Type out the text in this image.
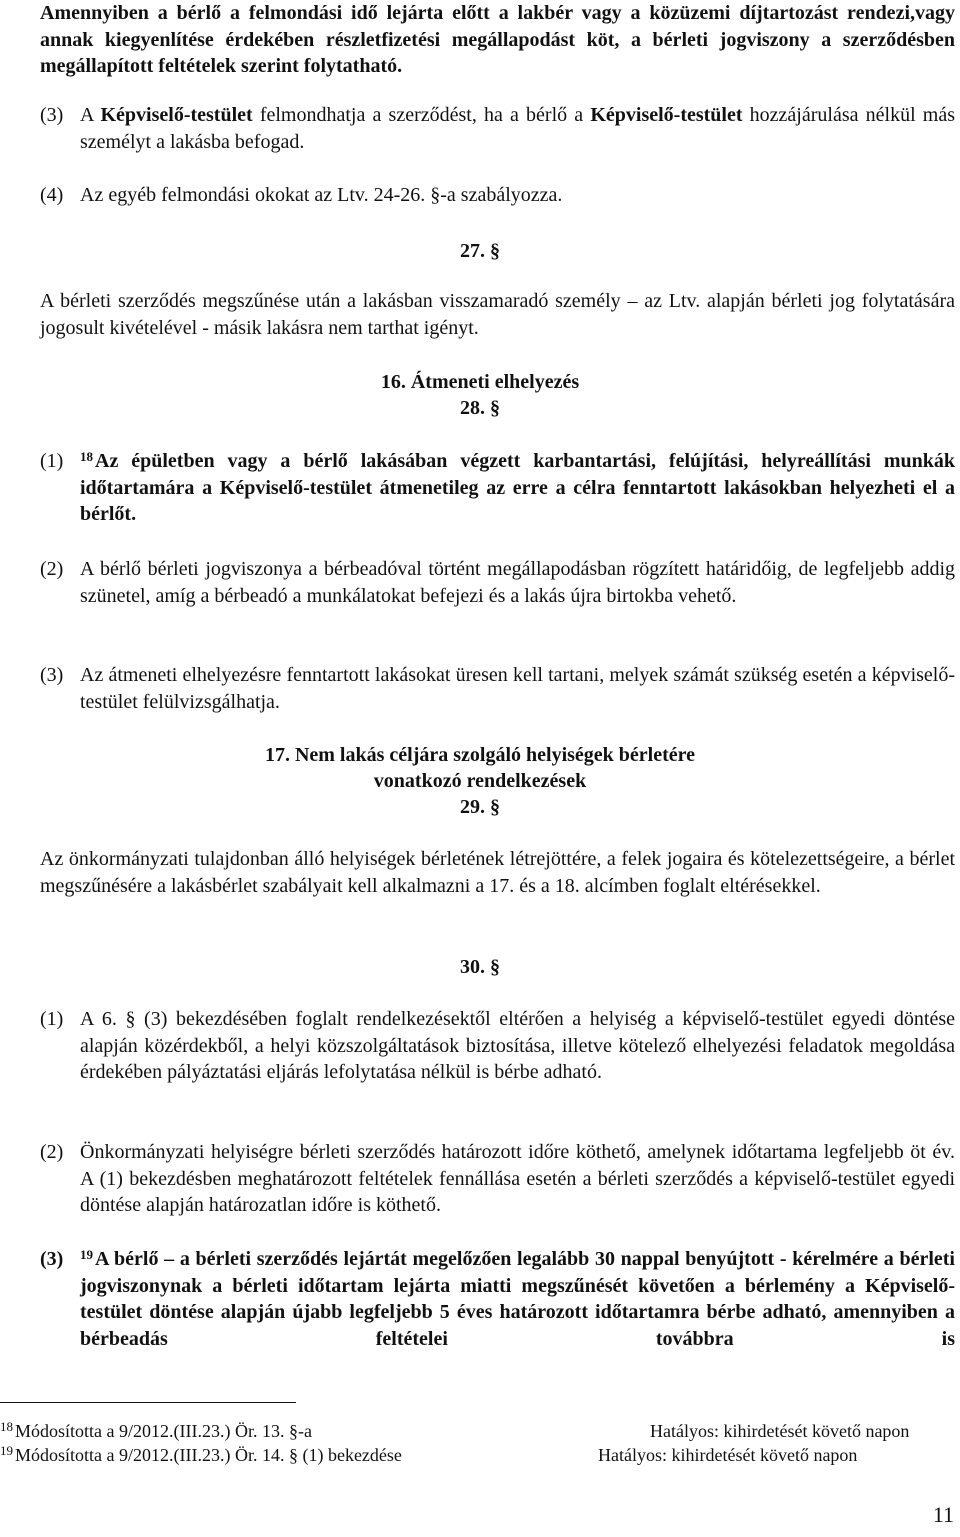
Amennyiben a bérlő a felmondási idő lejárta előtt a lakbér vagy a közüzemi díjtartozást rendezi,vagy annak kiegyenlítése érdekében részletfizetési megállapodást köt, a bérleti jogviszony a szerződésben megállapított feltételek szerint folytatható.
(3) A Képviselő-testület felmondhatja a szerződést, ha a bérlő a Képviselő-testület hozzájárulása nélkül más személyt a lakásba befogad.
(4) Az egyéb felmondási okokat az Ltv. 24-26. §-a szabályozza.
27. §
A bérleti szerződés megszűnése után a lakásban visszamaradó személy – az Ltv. alapján bérleti jog folytatására jogosult kivételével - másik lakásra nem tarthat igényt.
16. Átmeneti elhelyezés
28. §
(1) $^{18}$ Az épületben vagy a bérlő lakásában végzett karbantartási, felújítási, helyreállítási munkák időtartamára a Képviselő-testület átmenetileg az erre a célra fenntartott lakásokban helyezheti el a bérlőt.
(2) A bérlő bérleti jogviszonya a bérbeadóval történt megállapodásban rögzített határidőig, de legfeljebb addig szünetel, amíg a bérbeadó a munkálatokat befejezi és a lakás újra birtokba vehető.
(3) Az átmeneti elhelyezésre fenntartott lakásokat üresen kell tartani, melyek számát szükség esetén a képviselő-testület felülvizsgálhatja.
17. Nem lakás céljára szolgáló helyiségek bérletére
vonatkozó rendelkezések
29. §
Az önkormányzati tulajdonban álló helyiségek bérletének létrejöttére, a felek jogaira és kötelezettségeire, a bérlet megszűnésére a lakásbérlet szabályait kell alkalmazni a 17. és a 18. alcímben foglalt eltérésekkel.
30. §
(1) A 6. § (3) bekezdésében foglalt rendelkezésektől eltérően a helyiség a képviselő-testület egyedi döntése alapján közérdekből, a helyi közszolgáltatások biztosítása, illetve kötelező elhelyezési feladatok megoldása érdekében pályáztatási eljárás lefolytatása nélkül is bérbe adható.
(2) Önkormányzati helyiségre bérleti szerződés határozott időre köthető, amelynek időtartama legfeljebb öt év. A (1) bekezdésben meghatározott feltételek fennállása esetén a bérleti szerződés a képviselő-testület egyedi döntése alapján határozatlan időre is köthető.
(3) $^{19}$ A bérlő – a bérleti szerződés lejártát megelőzően legalább 30 nappal benyújtott - kérelmére a bérleti jogviszonynak a bérleti időtartam lejárta miatti megszűnését követően a bérlemény a Képviselő-testület döntése alapján újabb legfeljebb 5 éves határozott időtartamra bérbe adható, amennyiben a bérbeadás feltételei továbbra is
$^{18}$ Módosította a 9/2012.(III.23.) Ör. 13. §-a	Hatályos: kihirdetését követő napon
$^{19}$ Módosította a 9/2012.(III.23.) Ör. 14. § (1) bekezdése	Hatályos: kihirdetését követő napon
11
